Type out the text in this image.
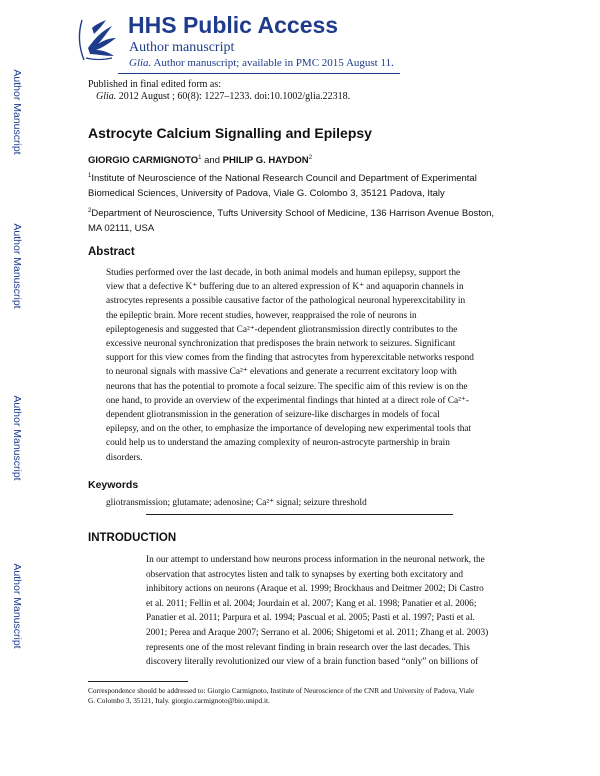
Author Manuscript
Author Manuscript
Author Manuscript
Author Manuscript
HHS Public Access
Author manuscript
Glia. Author manuscript; available in PMC 2015 August 11.
Published in final edited form as:
Glia. 2012 August ; 60(8): 1227–1233. doi:10.1002/glia.22318.
Astrocyte Calcium Signalling and Epilepsy
GIORGIO CARMIGNOTO$^1$ and PHILIP G. HAYDON$^2$
$^1$Institute of Neuroscience of the National Research Council and Department of Experimental
Biomedical Sciences, University of Padova, Viale G. Colombo 3, 35121 Padova, Italy
$^2$Department of Neuroscience, Tufts University School of Medicine, 136 Harrison Avenue Boston,
MA 02111, USA
Abstract
Studies performed over the last decade, in both animal models and human epilepsy, support the
view that a defective K⁺ buffering due to an altered expression of K⁺ and aquaporin channels in
astrocytes represents a possible causative factor of the pathological neuronal hyperexcitability in
the epileptic brain. More recent studies, however, reappraised the role of neurons in
epileptogenesis and suggested that Ca²⁺-dependent gliotransmission directly contributes to the
excessive neuronal synchronization that predisposes the brain network to seizures. Significant
support for this view comes from the finding that astrocytes from hyperexcitable networks respond
to neuronal signals with massive Ca²⁺ elevations and generate a recurrent excitatory loop with
neurons that has the potential to promote a focal seizure. The specific aim of this review is on the
one hand, to provide an overview of the experimental findings that hinted at a direct role of Ca²⁺-
dependent gliotransmission in the generation of seizure-like discharges in models of focal
epilepsy, and on the other, to emphasize the importance of developing new experimental tools that
could help us to understand the amazing complexity of neuron-astrocyte partnership in brain
disorders.
Keywords
gliotransmission; glutamate; adenosine; Ca²⁺ signal; seizure threshold
INTRODUCTION
In our attempt to understand how neurons process information in the neuronal network, the
observation that astrocytes listen and talk to synapses by exerting both excitatory and
inhibitory actions on neurons (Araque et al. 1999; Brockhaus and Deitmer 2002; Di Castro
et al. 2011; Fellin et al. 2004; Jourdain et al. 2007; Kang et al. 1998; Panatier et al. 2006;
Panatier et al. 2011; Parpura et al. 1994; Pascual et al. 2005; Pasti et al. 1997; Pasti et al.
2001; Perea and Araque 2007; Serrano et al. 2006; Shigetomi et al. 2011; Zhang et al. 2003)
represents one of the most relevant finding in brain research over the last decades. This
discovery literally revolutionized our view of a brain function based “only” on billions of
Correspondence should be addressed to: Giorgio Carmignoto, Institute of Neuroscience of the CNR and University of Padova, Viale
G. Colombo 3, 35121, Italy. giorgio.carmignoto@bio.unipd.it.
